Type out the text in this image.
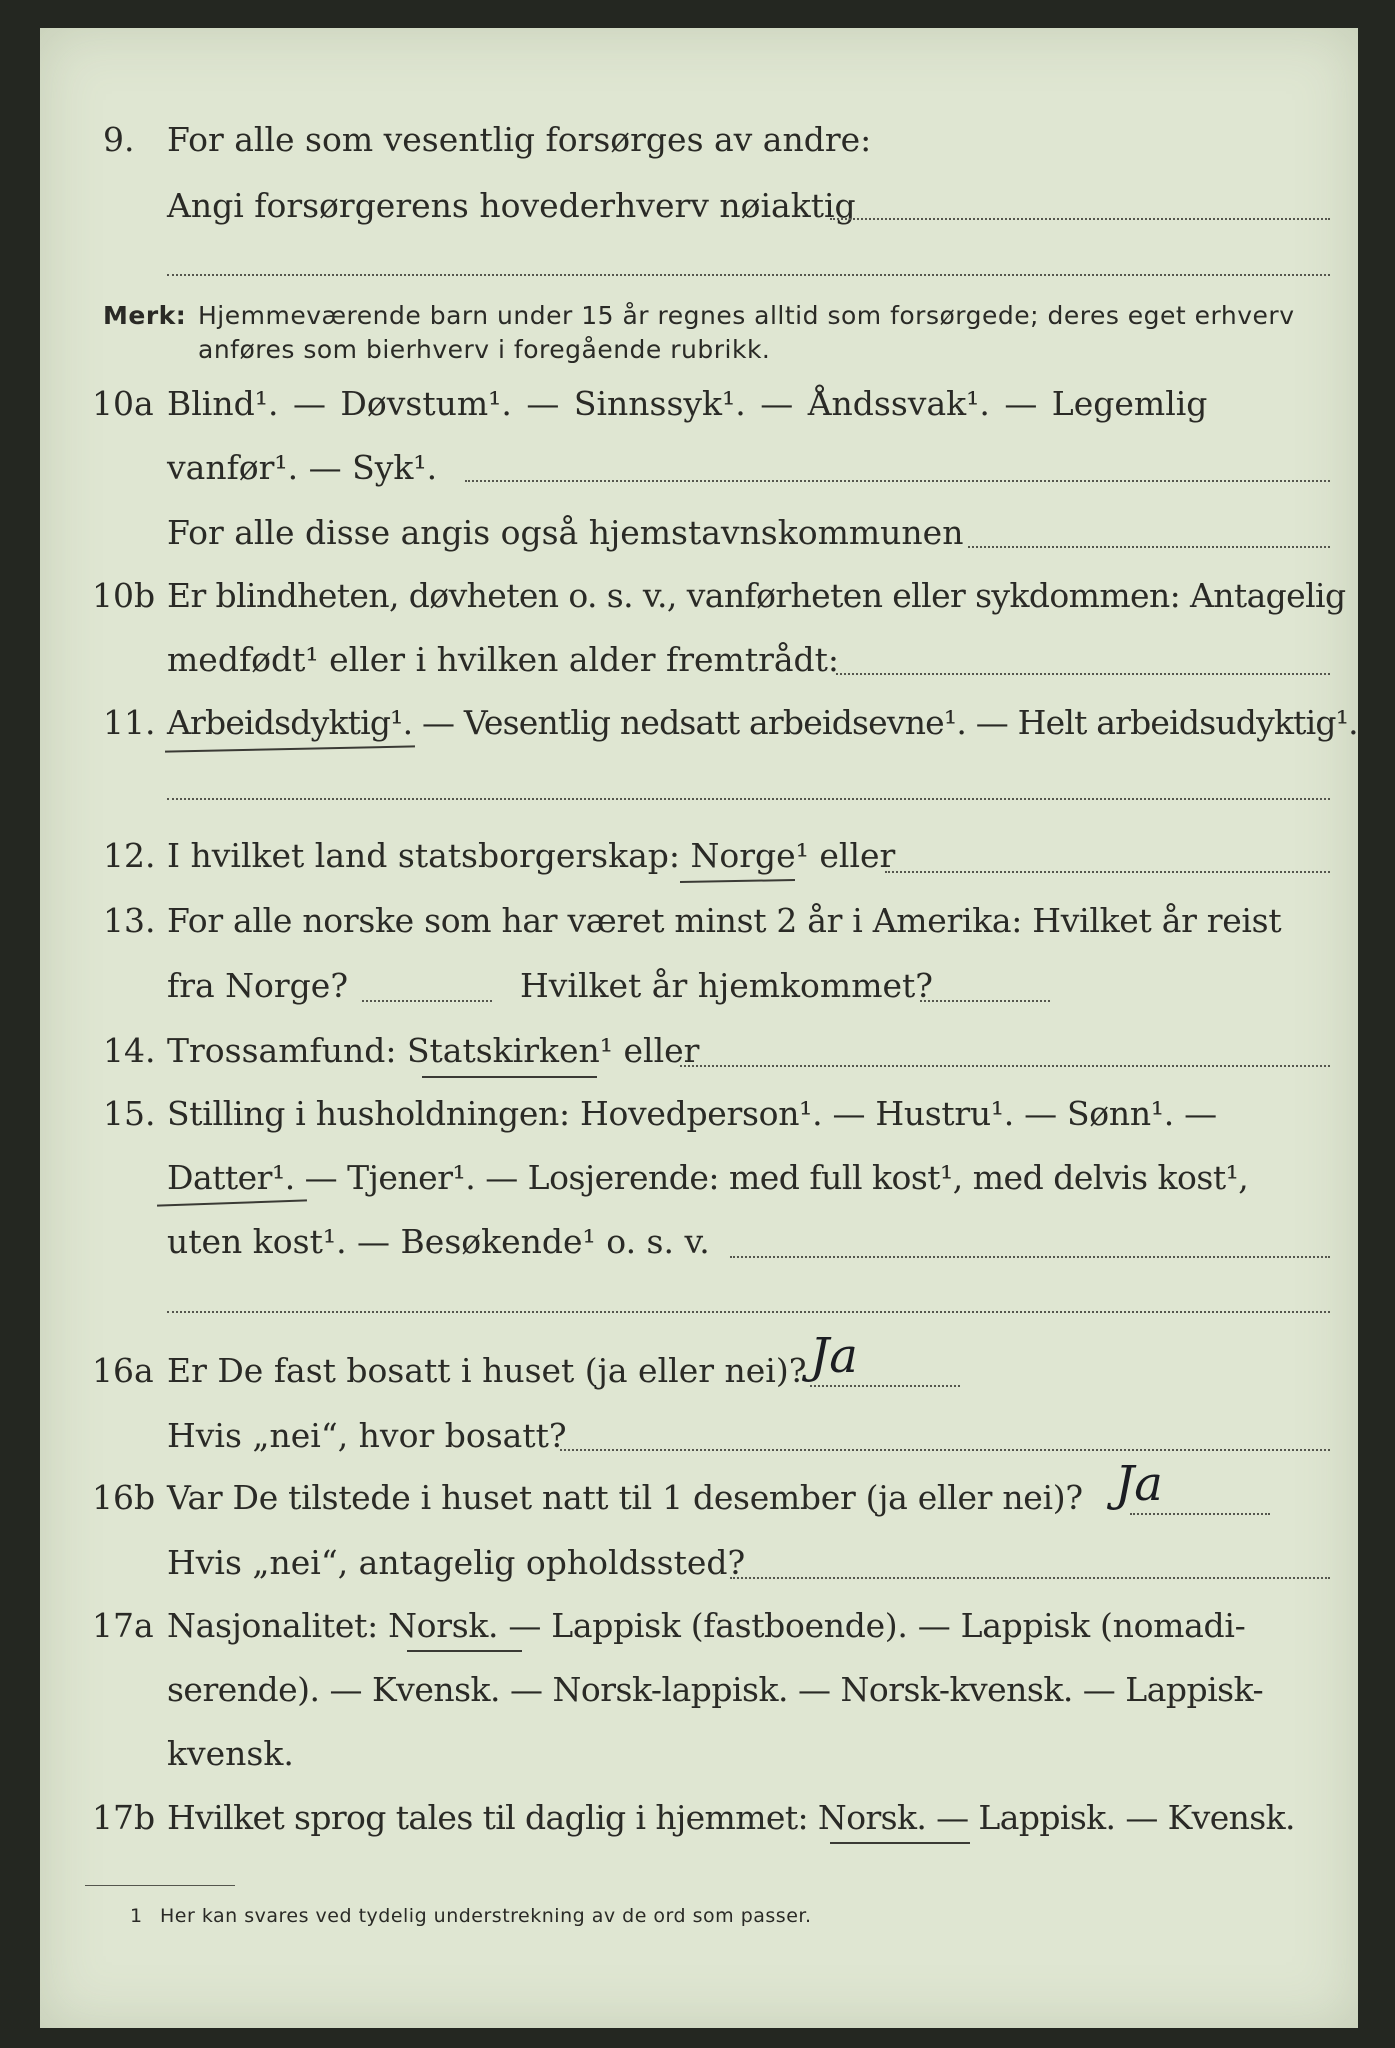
9. For alle som vesentlig forsørges av andre:
Angi forsørgerens hovederhverv nøiaktig
Merk: Hjemmeværende barn under 15 år regnes alltid som forsørgede; deres eget erhverv
anføres som bierhverv i foregående rubrikk.
10a Blind¹. — Døvstum¹. — Sinnssyk¹. — Åndssvak¹. — Legemlig
vanfør¹. — Syk¹.
For alle disse angis også hjemstavnskommunen
10b Er blindheten, døvheten o. s. v., vanførheten eller sykdommen: Antagelig
medfødt¹ eller i hvilken alder fremtrådt:
11. Arbeidsdyktig¹. — Vesentlig nedsatt arbeidsevne¹. — Helt arbeidsudyktig¹.
12. I hvilket land statsborgerskap: Norge¹ eller
13. For alle norske som har været minst 2 år i Amerika: Hvilket år reist
fra Norge?	Hvilket år hjemkommet?
14. Trossamfund: Statskirken¹ eller
15. Stilling i husholdningen: Hovedperson¹. — Hustru¹. — Sønn¹. —
Datter¹. — Tjener¹. — Losjerende: med full kost¹, med delvis kost¹,
uten kost¹. — Besøkende¹ o. s. v.
16a Er De fast bosatt i huset (ja eller nei)? Ja
Hvis „nei“, hvor bosatt?
16b Var De tilstede i huset natt til 1 desember (ja eller nei)? Ja
Hvis „nei“, antagelig opholdssted?
17a Nasjonalitet: Norsk. — Lappisk (fastboende). — Lappisk (nomadi-
serende). — Kvensk. — Norsk-lappisk. — Norsk-kvensk. — Lappisk-
kvensk.
17b Hvilket sprog tales til daglig i hjemmet: Norsk. — Lappisk. — Kvensk.
1 Her kan svares ved tydelig understrekning av de ord som passer.
